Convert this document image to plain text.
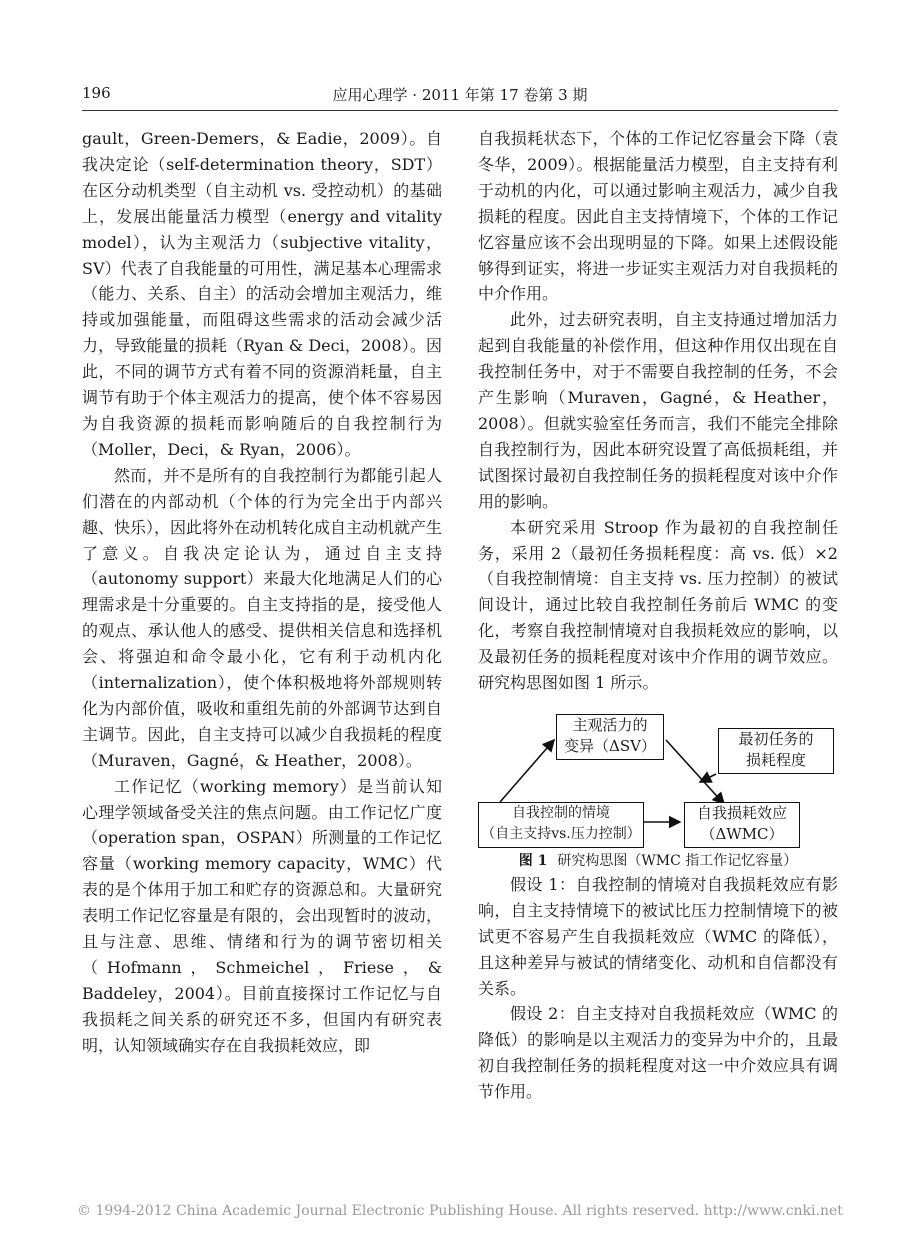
196	应用心理学 · 2011 年第 17 卷第 3 期

gault，Green-Demers，& Eadie，2009）。自我决定论（self-determination theory，SDT）在区分动机类型（自主动机 vs. 受控动机）的基础上，发展出能量活力模型（energy and vitality model），认为主观活力（subjective vitality，SV）代表了自我能量的可用性，满足基本心理需求（能力、关系、自主）的活动会增加主观活力，维持或加强能量，而阻碍这些需求的活动会减少活力，导致能量的损耗（Ryan & Deci，2008）。因此，不同的调节方式有着不同的资源消耗量，自主调节有助于个体主观活力的提高，使个体不容易因为自我资源的损耗而影响随后的自我控制行为（Moller，Deci，& Ryan，2006）。

然而，并不是所有的自我控制行为都能引起人们潜在的内部动机（个体的行为完全出于内部兴趣、快乐），因此将外在动机转化成自主动机就产生了意义。自我决定论认为，通过自主支持（autonomy support）来最大化地满足人们的心理需求是十分重要的。自主支持指的是，接受他人的观点、承认他人的感受、提供相关信息和选择机会、将强迫和命令最小化，它有利于动机内化（internalization），使个体积极地将外部规则转化为内部价值，吸收和重组先前的外部调节达到自主调节。因此，自主支持可以减少自我损耗的程度（Muraven，Gagné，& Heather，2008）。

工作记忆（working memory）是当前认知心理学领域备受关注的焦点问题。由工作记忆广度（operation span，OSPAN）所测量的工作记忆容量（working memory capacity，WMC）代表的是个体用于加工和贮存的资源总和。大量研究表明工作记忆容量是有限的，会出现暂时的波动，且与注意、思维、情绪和行为的调节密切相关（Hofmann，Schmeichel，Friese，& Baddeley，2004）。目前直接探讨工作记忆与自我损耗之间关系的研究还不多，但国内有研究表明，认知领域确实存在自我损耗效应，即

自我损耗状态下，个体的工作记忆容量会下降（袁冬华，2009）。根据能量活力模型，自主支持有利于动机的内化，可以通过影响主观活力，减少自我损耗的程度。因此自主支持情境下，个体的工作记忆容量应该不会出现明显的下降。如果上述假设能够得到证实，将进一步证实主观活力对自我损耗的中介作用。

此外，过去研究表明，自主支持通过增加活力起到自我能量的补偿作用，但这种作用仅出现在自我控制任务中，对于不需要自我控制的任务，不会产生影响（Muraven，Gagné，& Heather，2008）。但就实验室任务而言，我们不能完全排除自我控制行为，因此本研究设置了高低损耗组，并试图探讨最初自我控制任务的损耗程度对该中介作用的影响。

本研究采用 Stroop 作为最初的自我控制任务，采用 2（最初任务损耗程度：高 vs. 低）×2（自我控制情境：自主支持 vs. 压力控制）的被试间设计，通过比较自我控制任务前后 WMC 的变化，考察自我控制情境对自我损耗效应的影响，以及最初任务的损耗程度对该中介作用的调节效应。研究构思图如图 1 所示。

主观活力的
变异（ΔSV）	最初任务的
损耗程度
自我控制的情境
（自主支持vs.压力控制）
自我损耗效应
（ΔWMC）
图 1 研究构思图（WMC 指工作记忆容量）

假设 1：自我控制的情境对自我损耗效应有影响，自主支持情境下的被试比压力控制情境下的被试更不容易产生自我损耗效应（WMC 的降低），且这种差异与被试的情绪变化、动机和自信都没有关系。

假设 2：自主支持对自我损耗效应（WMC 的降低）的影响是以主观活力的变异为中介的，且最初自我控制任务的损耗程度对这一中介效应具有调节作用。

© 1994-2012 China Academic Journal Electronic Publishing House. All rights reserved. http://www.cnki.net
